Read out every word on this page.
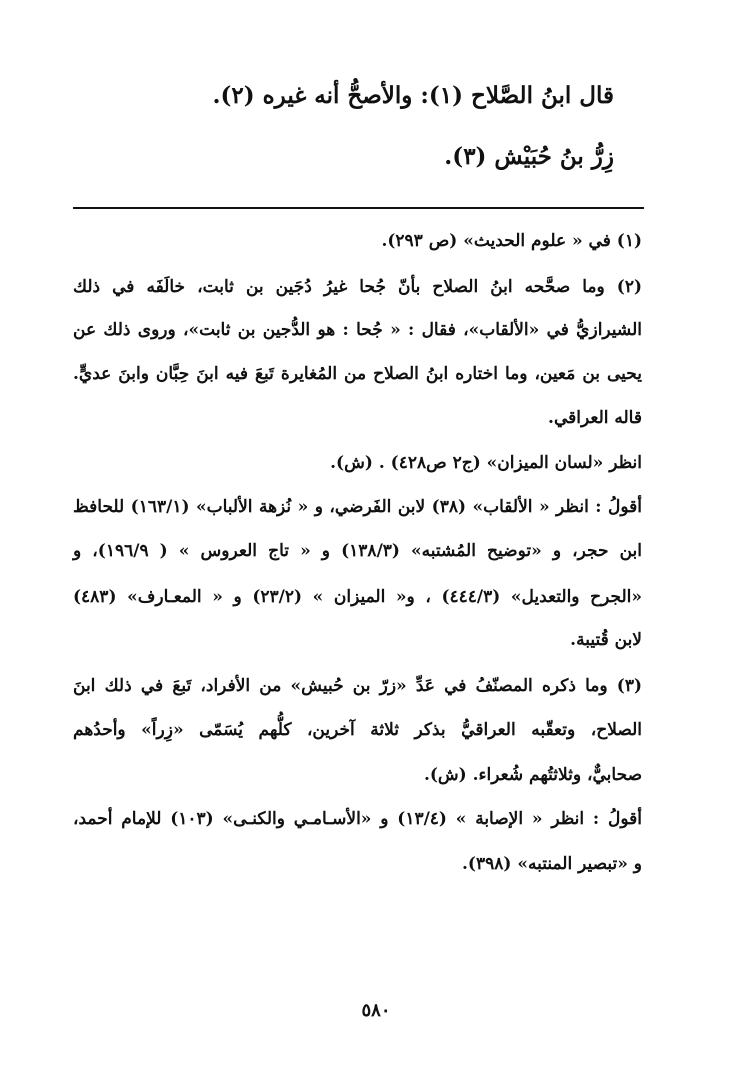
قال ابنُ الصَّلاح (١): والأصحُّ أنه غيره (٢).
زِرُّ بنُ حُبَيْش (٣).
(١) في « علوم الحديث» (ص ٢٩٣).
(٢) وما صحَّحه ابنُ الصلاح بأنّ جُحا غيرُ دُجَين بن ثابت، خالَفَه في ذلك
الشيرازيُّ في «الألقاب»، فقال : « جُحا : هو الدُّجين بن ثابت»، وروى ذلك عن
يحيى بن مَعين، وما اختاره ابنُ الصلاح من المُغايرة تَبعَ فيه ابنَ حِبَّان وابنَ عديٍّ.
قاله العراقي.
انظر «لسان الميزان» (ج٢ ص٤٢٨) . (ش).
أقولُ : انظر « الألقاب» (٣٨) لابن الفَرضي، و « نُزهة الألباب» (١٦٣/١) للحافظ
ابن حجر، و «توضيح المُشتبه» (١٣٨/٣) و « تاج العروس » ( ١٩٦/٩)، و
«الجرح والتعديل» (٤٤٤/٣) ، و« الميزان » (٢٣/٢) و « المعـارف» (٤٨٣)
لابن قُتيبة.
(٣) وما ذكره المصنّفُ في عَدِّ «زرّ بن حُبيش» من الأفراد، تَبعَ في ذلك ابنَ
الصلاح، وتعقّبه العراقيُّ بذكر ثلاثة آخرين، كلُّهم يُسَمّى «زِراً» وأحدُهم
صحابيٌّ، وثلاثتُهم شُعراء. (ش).
أقولُ : انظر « الإصابة » (١٣/٤) و «الأسـامـي والكنـى» (١٠٣) للإمام أحمد،
و «تبصير المنتبه» (٣٩٨).
٥٨٠
